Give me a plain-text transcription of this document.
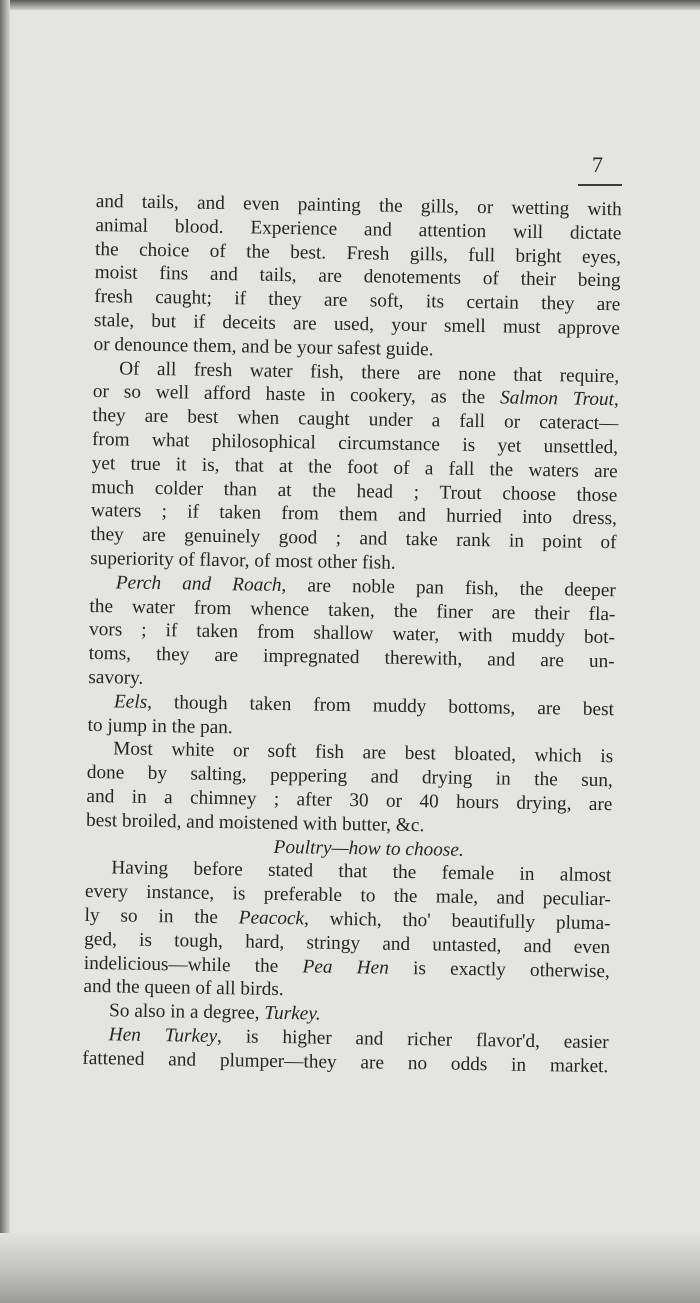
7
and tails, and even painting the gills, or wetting with
animal blood. Experience and attention will dictate
the choice of the best. Fresh gills, full bright eyes,
moist fins and tails, are denotements of their being
fresh caught; if they are soft, its certain they are
stale, but if deceits are used, your smell must approve
or denounce them, and be your safest guide.
Of all fresh water fish, there are none that require,
or so well afford haste in cookery, as the Salmon Trout,
they are best when caught under a fall or cateract—
from what philosophical circumstance is yet unsettled,
yet true it is, that at the foot of a fall the waters are
much colder than at the head ; Trout choose those
waters ; if taken from them and hurried into dress,
they are genuinely good ; and take rank in point of
superiority of flavor, of most other fish.
Perch and Roach, are noble pan fish, the deeper
the water from whence taken, the finer are their fla-
vors ; if taken from shallow water, with muddy bot-
toms, they are impregnated therewith, and are un-
savory.
Eels, though taken from muddy bottoms, are best
to jump in the pan.
Most white or soft fish are best bloated, which is
done by salting, peppering and drying in the sun,
and in a chimney ; after 30 or 40 hours drying, are
best broiled, and moistened with butter, &c.
Poultry—how to choose.
Having before stated that the female in almost
every instance, is preferable to the male, and peculiar-
ly so in the Peacock, which, tho' beautifully pluma-
ged, is tough, hard, stringy and untasted, and even
indelicious—while the Pea Hen is exactly otherwise,
and the queen of all birds.
So also in a degree, Turkey.
Hen Turkey, is higher and richer flavor'd, easier
fattened and plumper—they are no odds in market.
